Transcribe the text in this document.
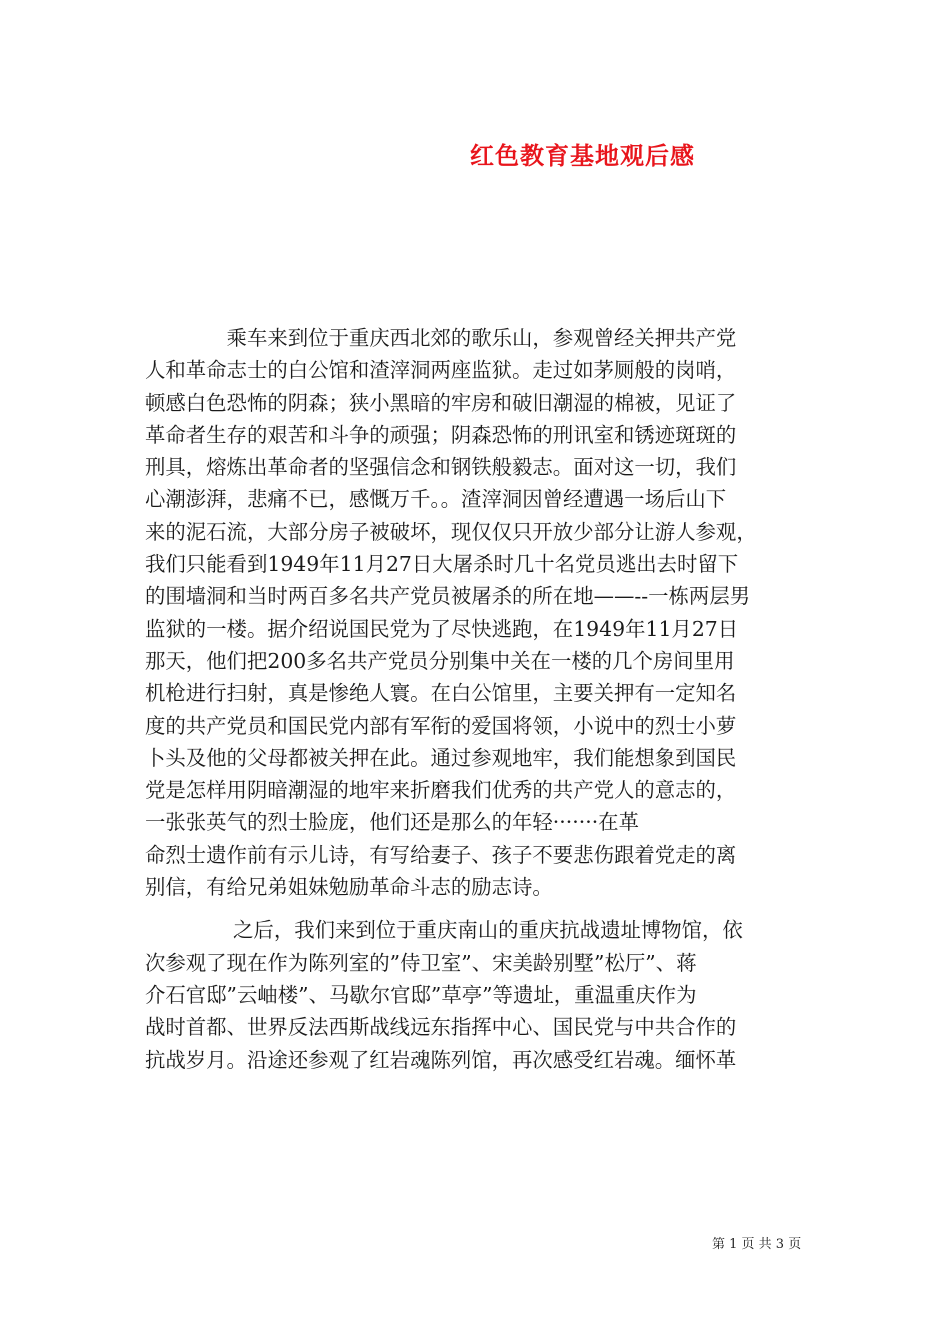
红色教育基地观后感
　　　　乘车来到位于重庆西北郊的歌乐山，参观曾经关押共产党
人和革命志士的白公馆和渣滓洞两座监狱。走过如茅厕般的岗哨，
顿感白色恐怖的阴森；狭小黑暗的牢房和破旧潮湿的棉被，见证了
革命者生存的艰苦和斗争的顽强；阴森恐怖的刑讯室和锈迹斑斑的
刑具，熔炼出革命者的坚强信念和钢铁般毅志。面对这一切，我们
心潮澎湃，悲痛不已，感慨万千。。渣滓洞因曾经遭遇一场后山下
来的泥石流，大部分房子被破坏，现仅仅只开放少部分让游人参观，
我们只能看到1949年11月27日大屠杀时几十名党员逃出去时留下
的围墙洞和当时两百多名共产党员被屠杀的所在地——--一栋两层男
监狱的一楼。据介绍说国民党为了尽快逃跑，在1949年11月27日
那天，他们把200多名共产党员分别集中关在一楼的几个房间里用
机枪进行扫射，真是惨绝人寰。在白公馆里，主要关押有一定知名
度的共产党员和国民党内部有军衔的爱国将领，小说中的烈士小萝
卜头及他的父母都被关押在此。通过参观地牢，我们能想象到国民
党是怎样用阴暗潮湿的地牢来折磨我们优秀的共产党人的意志的，
一张张英气的烈士脸庞，他们还是那么的年轻·······在革
命烈士遗作前有示儿诗，有写给妻子、孩子不要悲伤跟着党走的离
别信，有给兄弟姐妹勉励革命斗志的励志诗。
　　　　 之后，我们来到位于重庆南山的重庆抗战遗址博物馆，依
次参观了现在作为陈列室的”侍卫室”、宋美龄别墅”松厅”、蒋
介石官邸”云岫楼”、马歇尔官邸”草亭”等遗址，重温重庆作为
战时首都、世界反法西斯战线远东指挥中心、国民党与中共合作的
抗战岁月。沿途还参观了红岩魂陈列馆，再次感受红岩魂。缅怀革
第 1 页 共 3 页
